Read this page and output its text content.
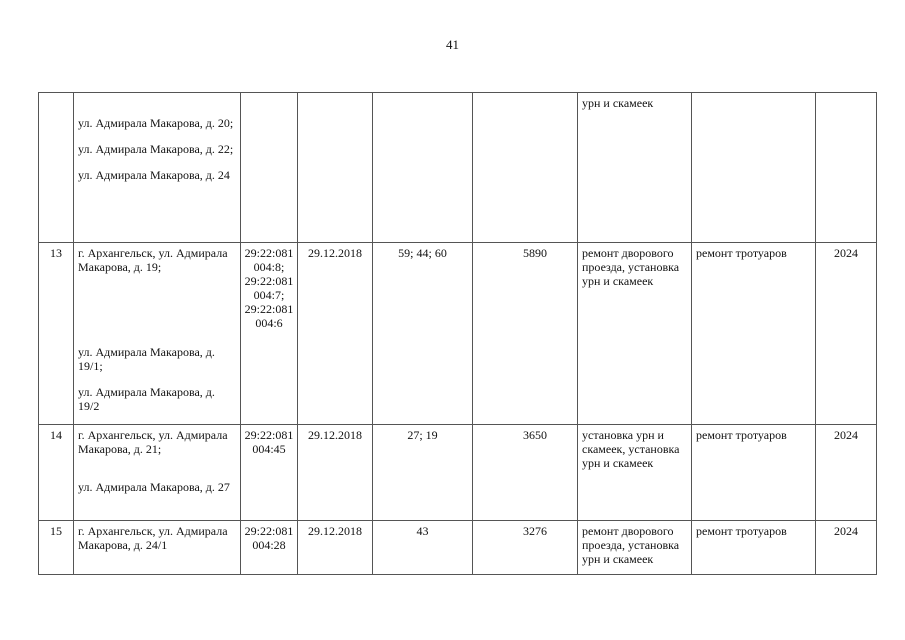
41

	ул. Адмирала Макарова, д. 20;
ул. Адмирала Макарова, д. 22;
ул. Адмирала Макарова, д. 24					урн и скамеек		
13	г. Архангельск, ул. Адмирала Макарова, д. 19;
ул. Адмирала Макарова, д. 19/1;
ул. Адмирала Макарова, д. 19/2	29:22:081 004:8;
29:22:081 004:7;
29:22:081 004:6	29.12.2018	59; 44; 60	5890	ремонт дворового проезда, установка урн и скамеек	ремонт тротуаров	2024
14	г. Архангельск, ул. Адмирала Макарова, д. 21;
ул. Адмирала Макарова, д. 27	29:22:081 004:45	29.12.2018	27; 19	3650	установка урн и скамеек, установка урн и скамеек	ремонт тротуаров	2024
15	г. Архангельск, ул. Адмирала Макарова, д. 24/1	29:22:081 004:28	29.12.2018	43	3276	ремонт дворового проезда, установка урн и скамеек	ремонт тротуаров	2024
